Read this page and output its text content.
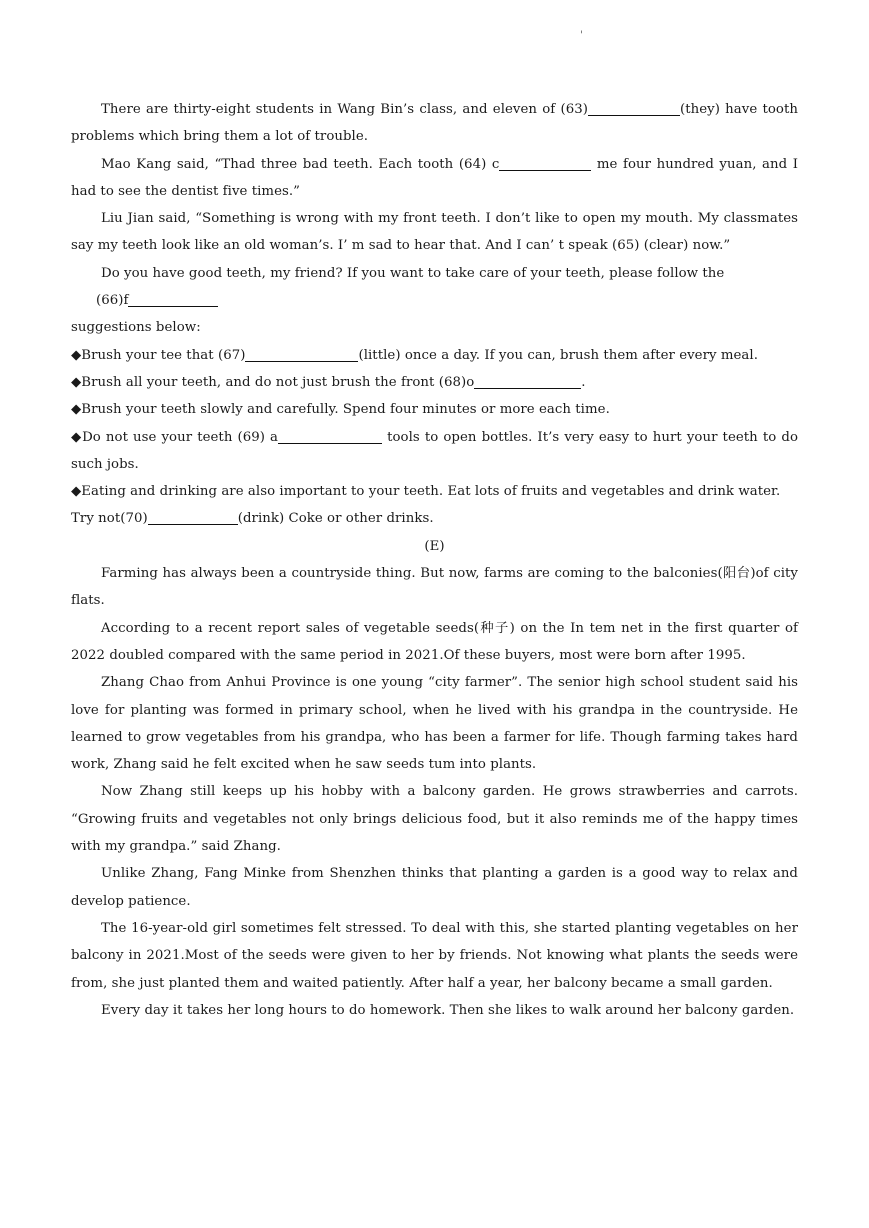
'

There are thirty-eight students in Wang Bin’s class, and eleven of (63)	(they) have tooth problems which bring them a lot of trouble.

Mao Kang said, “Thad three bad teeth. Each tooth (64) c	me four hundred yuan, and I had to see the dentist five times.”

Liu Jian said, “Something is wrong with my front teeth. I don’t like to open my mouth. My classmates say my teeth look like an old woman’s. I’ m sad to hear that. And I can’ t speak (65) (clear) now.”

Do you have good teeth, my friend? If you want to take care of your teeth, please follow the

(66)f

suggestions below:

◆Brush your tee that (67)	(little) once a day. If you can, brush them after every meal.

◆Brush all your teeth, and do not just brush the front (68)o	.

◆Brush your teeth slowly and carefully. Spend four minutes or more each time.

◆Do not use your teeth (69) a	tools to open bottles. It’s very easy to hurt your teeth to do such jobs.

◆Eating and drinking are also important to your teeth. Eat lots of fruits and vegetables and drink water.

Try not(70)	(drink) Coke or other drinks.

(E)

Farming has always been a countryside thing. But now, farms are coming to the balconies(阳台)of city flats.

According to a recent report sales of vegetable seeds(种子) on the In tem net in the first quarter of 2022 doubled compared with the same period in 2021.Of these buyers, most were born after 1995.

Zhang Chao from Anhui Province is one young “city farmer”. The senior high school student said his love for planting was formed in primary school, when he lived with his grandpa in the countryside. He learned to grow vegetables from his grandpa, who has been a farmer for life. Though farming takes hard work, Zhang said he felt excited when he saw seeds tum into plants.

Now Zhang still keeps up his hobby with a balcony garden. He grows strawberries and carrots. “Growing fruits and vegetables not only brings delicious food, but it also reminds me of the happy times with my grandpa.” said Zhang.

Unlike Zhang, Fang Minke from Shenzhen thinks that planting a garden is a good way to relax and develop patience.

The 16-year-old girl sometimes felt stressed. To deal with this, she started planting vegetables on her balcony in 2021.Most of the seeds were given to her by friends. Not knowing what plants the seeds were from, she just planted them and waited patiently. After half a year, her balcony became a small garden.

Every day it takes her long hours to do homework. Then she likes to walk around her balcony garden.
